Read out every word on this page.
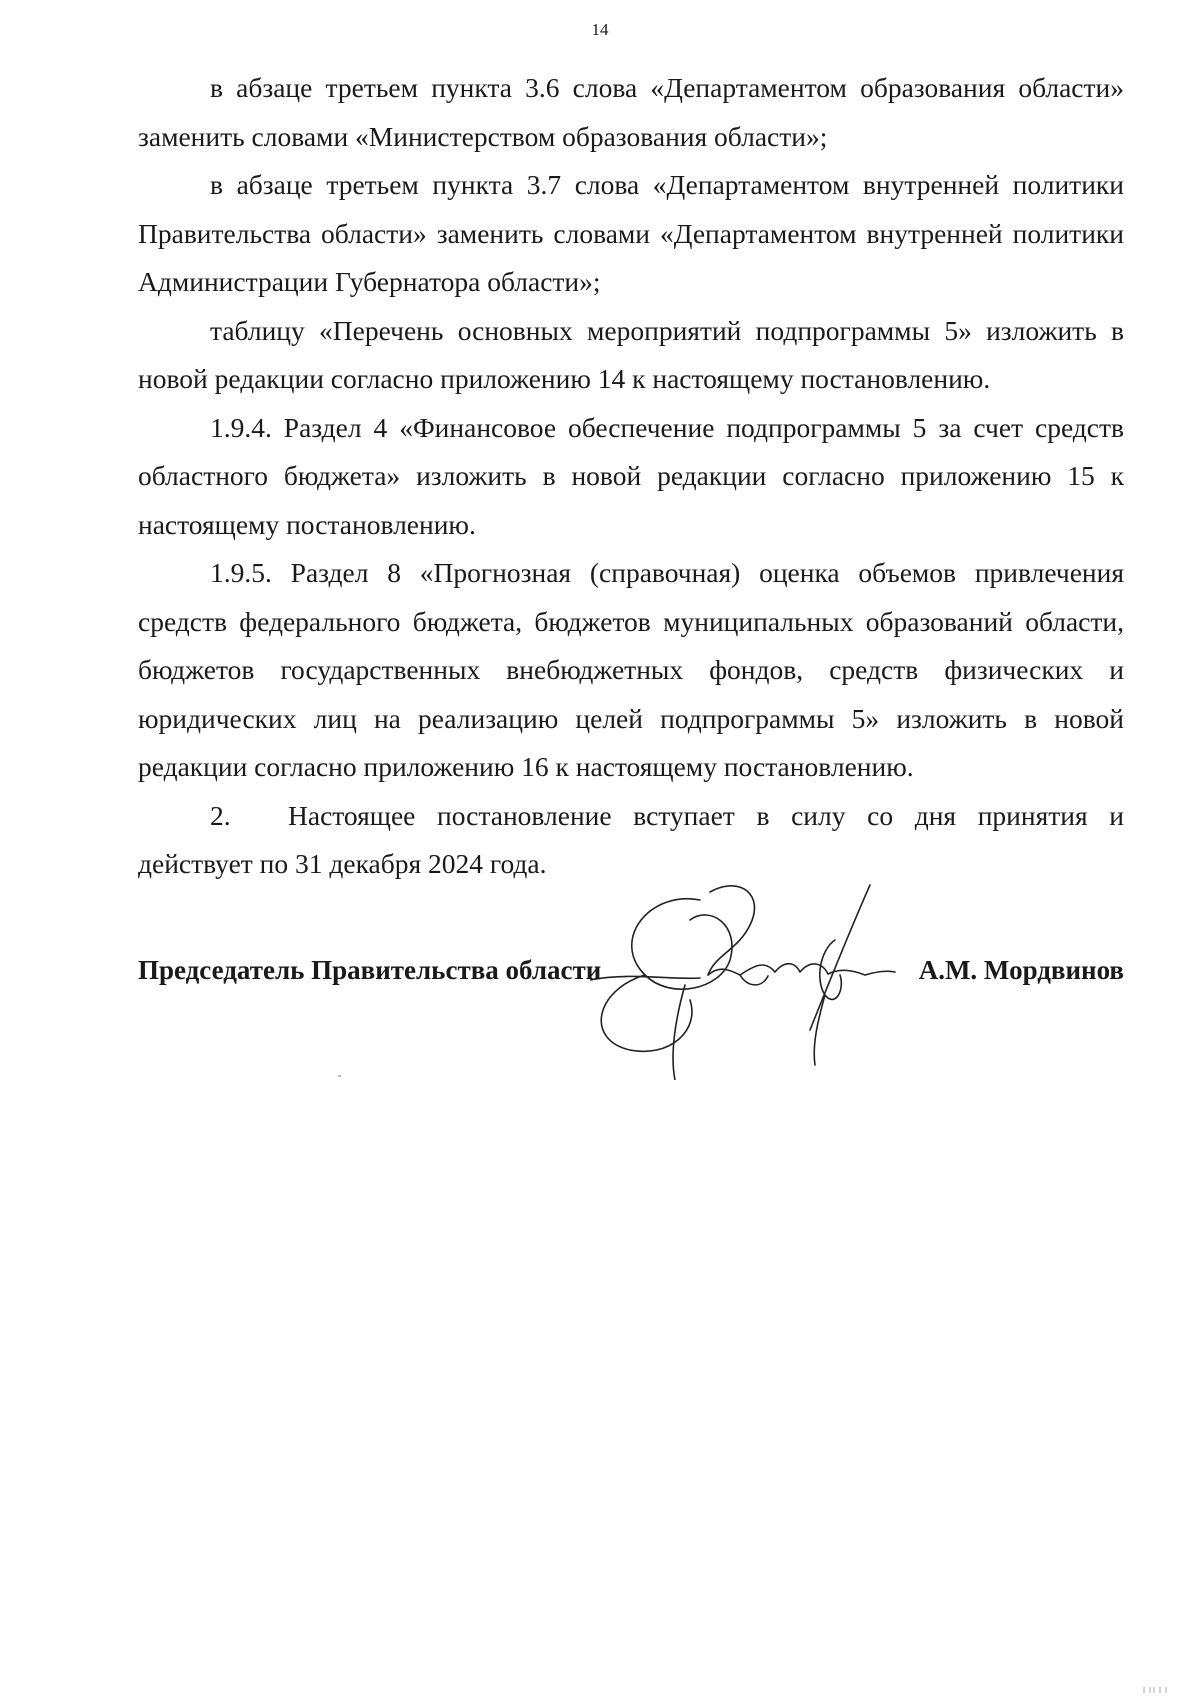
14

в абзаце третьем пункта 3.6 слова «Департаментом образования области» заменить словами «Министерством образования области»;

в абзаце третьем пункта 3.7 слова «Департаментом внутренней политики Правительства области» заменить словами «Департаментом внутренней политики Администрации Губернатора области»;

таблицу «Перечень основных мероприятий подпрограммы 5» изложить в новой редакции согласно приложению 14 к настоящему постановлению.

1.9.4. Раздел 4 «Финансовое обеспечение подпрограммы 5 за счет средств областного бюджета» изложить в новой редакции согласно приложению 15 к настоящему постановлению.

1.9.5. Раздел 8 «Прогнозная (справочная) оценка объемов привлечения средств федерального бюджета, бюджетов муниципальных образований области, бюджетов государственных внебюджетных фондов, средств физических и юридических лиц на реализацию целей подпрограммы 5» изложить в новой редакции согласно приложению 16 к настоящему постановлению.

2. Настоящее постановление вступает в силу со дня принятия и действует по 31 декабря 2024 года.

Председатель Правительства области	А.М. Мордвинов
